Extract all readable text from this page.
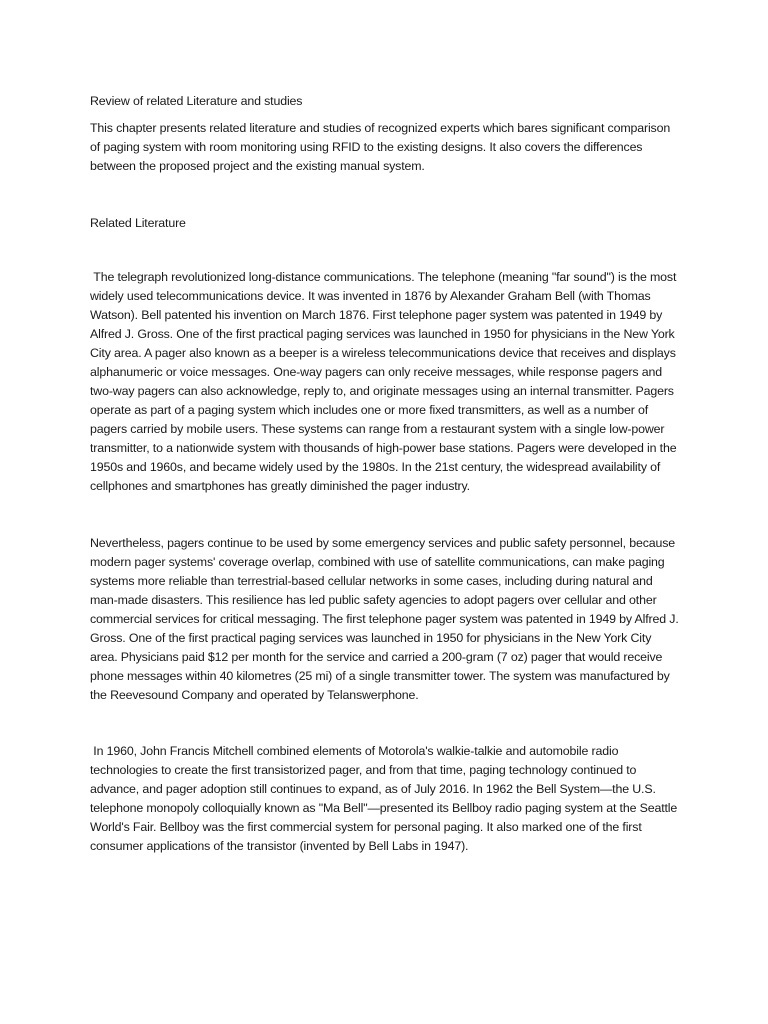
Review of related Literature and studies

This chapter presents related literature and studies of recognized experts which bares significant comparison of paging system with room monitoring using RFID to the existing designs. It also covers the differences between the proposed project and the existing manual system.

Related Literature

The telegraph revolutionized long-distance communications. The telephone (meaning "far sound") is the most widely used telecommunications device. It was invented in 1876 by Alexander Graham Bell (with Thomas Watson). Bell patented his invention on March 1876. First telephone pager system was patented in 1949 by Alfred J. Gross. One of the first practical paging services was launched in 1950 for physicians in the New York City area. A pager also known as a beeper is a wireless telecommunications device that receives and displays alphanumeric or voice messages. One-way pagers can only receive messages, while response pagers and two-way pagers can also acknowledge, reply to, and originate messages using an internal transmitter. Pagers operate as part of a paging system which includes one or more fixed transmitters, as well as a number of pagers carried by mobile users. These systems can range from a restaurant system with a single low-power transmitter, to a nationwide system with thousands of high-power base stations. Pagers were developed in the 1950s and 1960s, and became widely used by the 1980s. In the 21st century, the widespread availability of cellphones and smartphones has greatly diminished the pager industry.

Nevertheless, pagers continue to be used by some emergency services and public safety personnel, because modern pager systems' coverage overlap, combined with use of satellite communications, can make paging systems more reliable than terrestrial-based cellular networks in some cases, including during natural and man-made disasters. This resilience has led public safety agencies to adopt pagers over cellular and other commercial services for critical messaging. The first telephone pager system was patented in 1949 by Alfred J. Gross. One of the first practical paging services was launched in 1950 for physicians in the New York City area. Physicians paid $12 per month for the service and carried a 200-gram (7 oz) pager that would receive phone messages within 40 kilometres (25 mi) of a single transmitter tower. The system was manufactured by the Reevesound Company and operated by Telanswerphone.

In 1960, John Francis Mitchell combined elements of Motorola's walkie-talkie and automobile radio technologies to create the first transistorized pager, and from that time, paging technology continued to advance, and pager adoption still continues to expand, as of July 2016. In 1962 the Bell System—the U.S. telephone monopoly colloquially known as "Ma Bell"—presented its Bellboy radio paging system at the Seattle World's Fair. Bellboy was the first commercial system for personal paging. It also marked one of the first consumer applications of the transistor (invented by Bell Labs in 1947).
